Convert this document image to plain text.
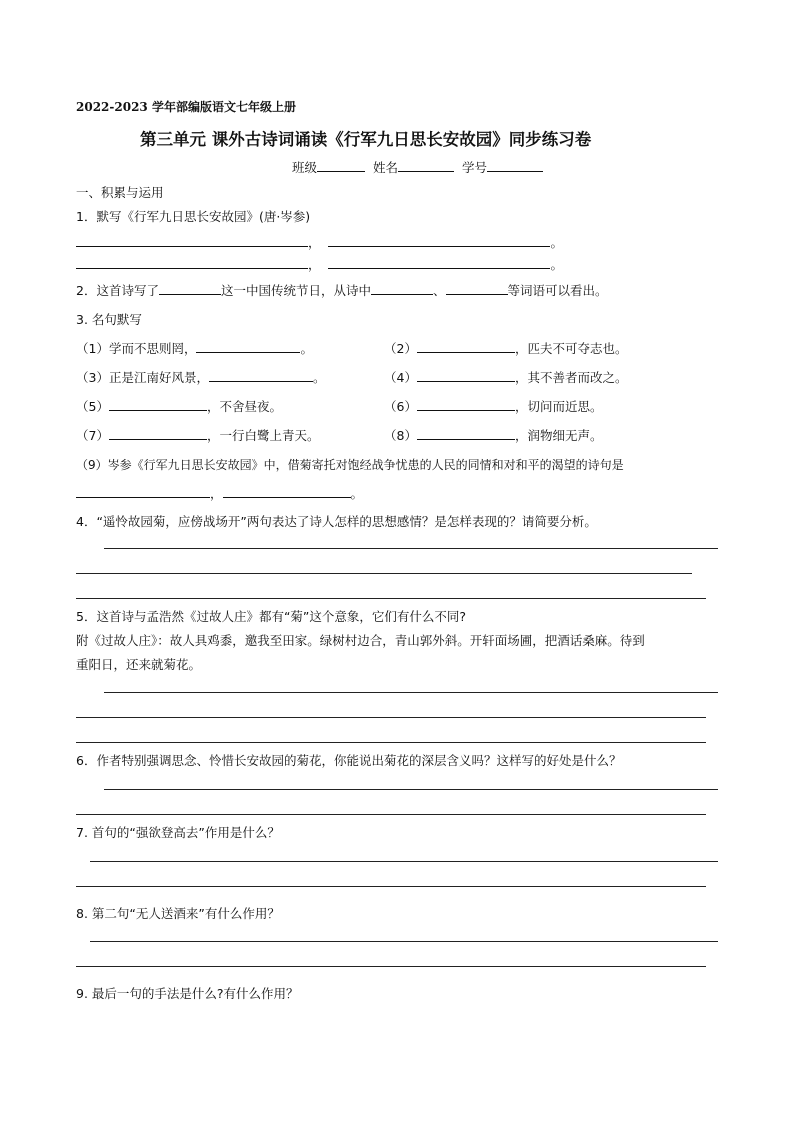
2022-2023 学年部编版语文七年级上册
第三单元 课外古诗词诵读《行军九日思长安故园》同步练习卷
班级	姓名	学号
一、积累与运用
1．默写《行军九日思长安故园》(唐·岑参)
，	。
，	。
2．这首诗写了	这一中国传统节日，从诗中	、	等词语可以看出。
3. 名句默写
（1）学而不思则罔，	。	（2）	，匹夫不可夺志也。
（3）正是江南好风景，	。	（4）	，其不善者而改之。
（5）	，不舍昼夜。	（6）	，切问而近思。
（7）	，一行白鹭上青天。	（8）	，润物细无声。
（9）岑参《行军九日思长安故园》中，借菊寄托对饱经战争忧患的人民的同情和对和平的渴望的诗句是
，	。
4．“遥怜故园菊，应傍战场开”两句表达了诗人怎样的思想感情？是怎样表现的？请简要分析。
5．这首诗与孟浩然《过故人庄》都有“菊”这个意象，它们有什么不同?
附《过故人庄》：故人具鸡黍，邀我至田家。绿树村边合，青山郭外斜。开轩面场圃，把酒话桑麻。待到
重阳日，还来就菊花。
6．作者特别强调思念、怜惜长安故园的菊花，你能说出菊花的深层含义吗？这样写的好处是什么？
7. 首句的“强欲登高去”作用是什么？
8. 第二句“无人送酒来”有什么作用？
9. 最后一句的手法是什么?有什么作用？
